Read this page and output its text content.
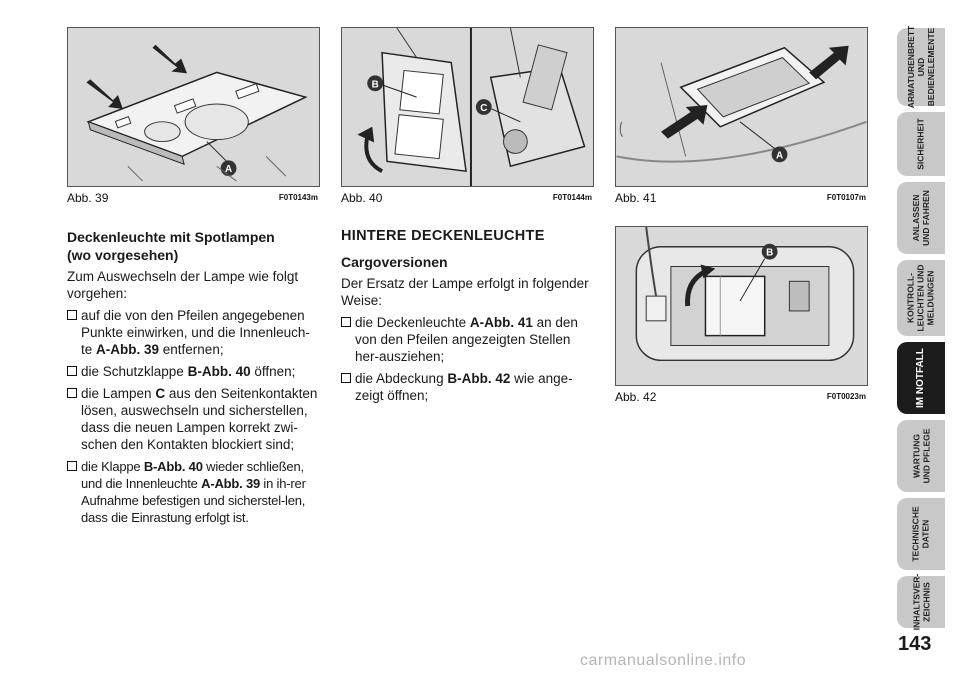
A
Abb. 39	F0T0143m
B
C
Abb. 40	F0T0144m
A
Abb. 41	F0T0107m
B
Abb. 42	F0T0023m
Deckenleuchte mit Spotlampen
(wo vorgesehen)

Zum Auswechseln der Lampe wie folgt vorgehen:

auf die von den Pfeilen angegebenen Punkte einwirken, und die Innenleuch-te A-Abb. 39 entfernen;
die Schutzklappe B-Abb. 40 öffnen;
die Lampen C aus den Seitenkontakten lösen, auswechseln und sicherstellen, dass die neuen Lampen korrekt zwi-schen den Kontakten blockiert sind;
die Klappe B-Abb. 40 wieder schließen, und die Innenleuchte A-Abb. 39 in ih-rer Aufnahme befestigen und sicherstel-len, dass die Einrastung erfolgt ist.
HINTERE DECKENLEUCHTE
Cargoversionen

Der Ersatz der Lampe erfolgt in folgender Weise:

die Deckenleuchte A-Abb. 41 an den von den Pfeilen angezeigten Stellen her-ausziehen;
die Abdeckung B-Abb. 42 wie ange-zeigt öffnen;
ARMATURENBRETT
UND
BEDIENELEMENTE
SICHERHEIT
ANLASSEN
UND FAHREN
KONTROLL-
LEUCHTEN UND
MELDUNGEN
IM NOTFALL
WARTUNG
UND PFLEGE
TECHNISCHE
DATEN
INHALTSVER-
ZEICHNIS
143
carmanualsonline.info
